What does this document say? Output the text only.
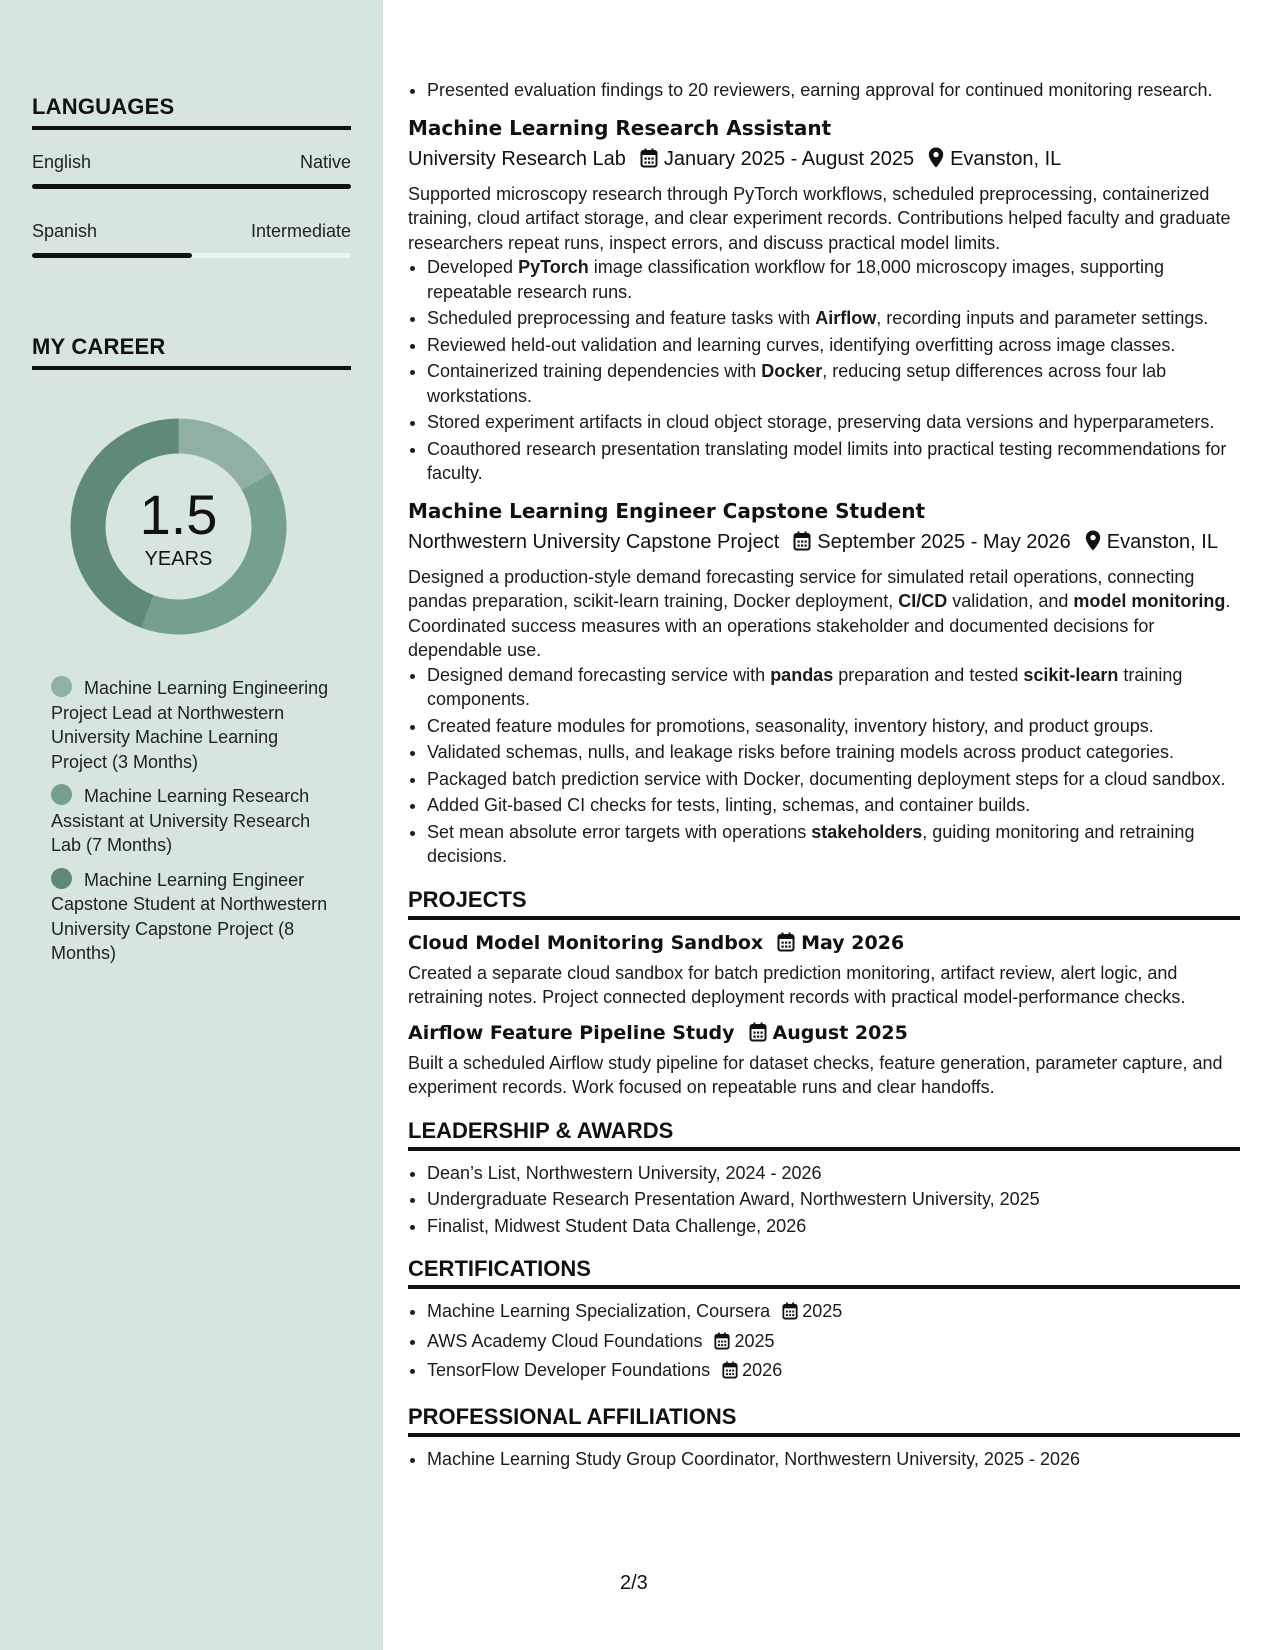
LANGUAGES
English	Native
Spanish	Intermediate
MY CAREER
1.5
YEARS
Machine Learning Engineering Project Lead at Northwestern University Machine Learning Project (3 Months)
Machine Learning Research Assistant at University Research Lab (7 Months)
Machine Learning Engineer Capstone Student at Northwestern University Capstone Project (8 Months)
• Presented evaluation findings to 20 reviewers, earning approval for continued monitoring research.
Machine Learning Research Assistant
University Research Lab January 2025 - August 2025 Evanston, IL

Supported microscopy research through PyTorch workflows, scheduled preprocessing, containerized training, cloud artifact storage, and clear experiment records. Contributions helped faculty and graduate researchers repeat runs, inspect errors, and discuss practical model limits.

• Developed PyTorch image classification workflow for 18,000 microscopy images, supporting repeatable research runs.
• Scheduled preprocessing and feature tasks with Airflow, recording inputs and parameter settings.
• Reviewed held-out validation and learning curves, identifying overfitting across image classes.
• Containerized training dependencies with Docker, reducing setup differences across four lab workstations.
• Stored experiment artifacts in cloud object storage, preserving data versions and hyperparameters.
• Coauthored research presentation translating model limits into practical testing recommendations for faculty.
Machine Learning Engineer Capstone Student
Northwestern University Capstone Project September 2025 - May 2026 Evanston, IL

Designed a production-style demand forecasting service for simulated retail operations, connecting pandas preparation, scikit-learn training, Docker deployment, CI/CD validation, and model monitoring. Coordinated success measures with an operations stakeholder and documented decisions for dependable use.

• Designed demand forecasting service with pandas preparation and tested scikit-learn training components.
• Created feature modules for promotions, seasonality, inventory history, and product groups.
• Validated schemas, nulls, and leakage risks before training models across product categories.
• Packaged batch prediction service with Docker, documenting deployment steps for a cloud sandbox.
• Added Git-based CI checks for tests, linting, schemas, and container builds.
• Set mean absolute error targets with operations stakeholders, guiding monitoring and retraining decisions.
PROJECTS
Cloud Model Monitoring Sandbox May 2026

Created a separate cloud sandbox for batch prediction monitoring, artifact review, alert logic, and retraining notes. Project connected deployment records with practical model-performance checks.

Airflow Feature Pipeline Study August 2025

Built a scheduled Airflow study pipeline for dataset checks, feature generation, parameter capture, and experiment records. Work focused on repeatable runs and clear handoffs.

LEADERSHIP & AWARDS
• Dean’s List, Northwestern University, 2024 - 2026
• Undergraduate Research Presentation Award, Northwestern University, 2025
• Finalist, Midwest Student Data Challenge, 2026
CERTIFICATIONS
• Machine Learning Specialization, Coursera 2025
• AWS Academy Cloud Foundations 2025
• TensorFlow Developer Foundations 2026
PROFESSIONAL AFFILIATIONS
• Machine Learning Study Group Coordinator, Northwestern University, 2025 - 2026
2/3
